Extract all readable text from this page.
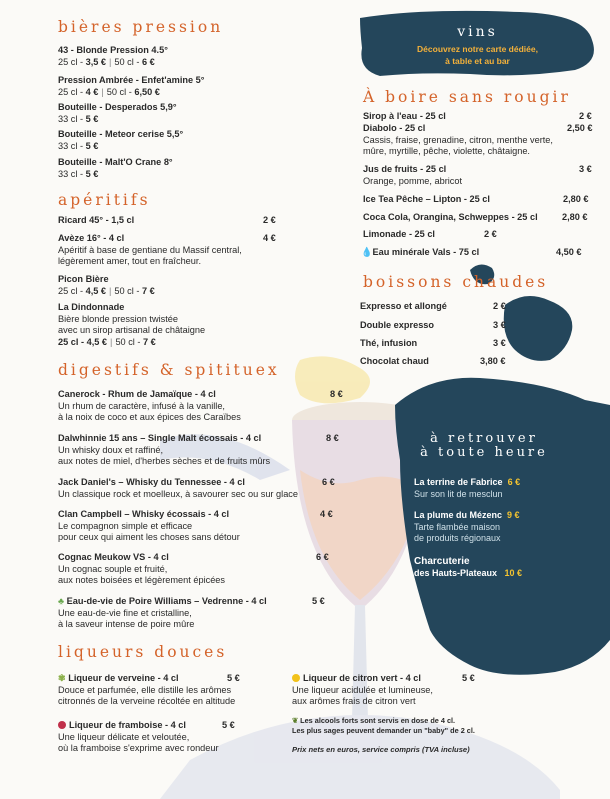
bières pression
43 - Blonde Pression 4.5°
25 cl - 3,5 € | 50 cl - 6 €
Pression Ambrée - Enfet'amine 5°
25 cl - 4 € | 50 cl - 6,50 €
Bouteille - Desperados 5,9°
33 cl - 5 €
Bouteille - Meteor cerise 5,5°
33 cl - 5 €
Bouteille - Malt'O Crane 8°
33 cl - 5 €
apéritifs
Ricard 45° - 1,5 cl	2 €
Avèze 16° - 4 cl	4 €
Apéritif à base de gentiane du Massif central,
légèrement amer, tout en fraîcheur.
Picon Bière
25 cl - 4,5 € | 50 cl - 7 €
La Dindonnade
Bière blonde pression twistée
avec un sirop artisanal de châtaigne
25 cl - 4,5 € | 50 cl - 7 €
digestifs & spitituex
Canerock - Rhum de Jamaïque - 4 cl	8 €
Un rhum de caractère, infusé à la vanille,
à la noix de coco et aux épices des Caraïbes
Dalwhinnie 15 ans – Single Malt écossais - 4 cl	8 €
Un whisky doux et raffiné,
aux notes de miel, d'herbes sèches et de fruits mûrs
Jack Daniel's – Whisky du Tennessee - 4 cl	6 €
Un classique rock et moelleux, à savourer sec ou sur glace
Clan Campbell – Whisky écossais - 4 cl	4 €
Le compagnon simple et efficace
pour ceux qui aiment les choses sans détour
Cognac Meukow VS - 4 cl	6 €
Un cognac souple et fruité,
aux notes boisées et légèrement épicées
♣ Eau-de-vie de Poire Williams – Vedrenne - 4 cl	5 €
Une eau-de-vie fine et cristalline,
à la saveur intense de poire mûre
liqueurs douces
✾ Liqueur de verveine - 4 cl	5 €
Douce et parfumée, elle distille les arômes
citronnés de la verveine récoltée en altitude
Liqueur de framboise - 4 cl	5 €
Une liqueur délicate et veloutée,
où la framboise s'exprime avec rondeur
Liqueur de citron vert - 4 cl	5 €
Une liqueur acidulée et lumineuse,
aux arômes frais de citron vert
❦ Les alcools forts sont servis en dose de 4 cl.
Les plus sages peuvent demander un "baby" de 2 cl.
Prix nets en euros, service compris (TVA incluse)
vins
Découvrez notre carte dédiée,
à table et au bar
À boire sans rougir
Sirop à l'eau - 25 cl	2 €
Diabolo - 25 cl	2,50 €
Cassis, fraise, grenadine, citron, menthe verte,
mûre, myrtille, pêche, violette, châtaigne.
Jus de fruits - 25 cl	3 €
Orange, pomme, abricot
Ice Tea Pêche – Lipton - 25 cl	2,80 €
Coca Cola, Orangina, Schweppes - 25 cl	2,80 €
Limonade - 25 cl	2 €
💧Eau minérale Vals - 75 cl	4,50 €
boissons chaudes
Expresso et allongé	2 €
Double expresso	3 €
Thé, infusion	3 €
Chocolat chaud	3,80 €
à retrouver
à toute heure
La terrine de Fabrice 6 €
Sur son lit de mesclun
La plume du Mézenc 9 €
Tarte flambée maison
de produits régionaux
Charcuterie
des Hauts-Plateaux 10 €
